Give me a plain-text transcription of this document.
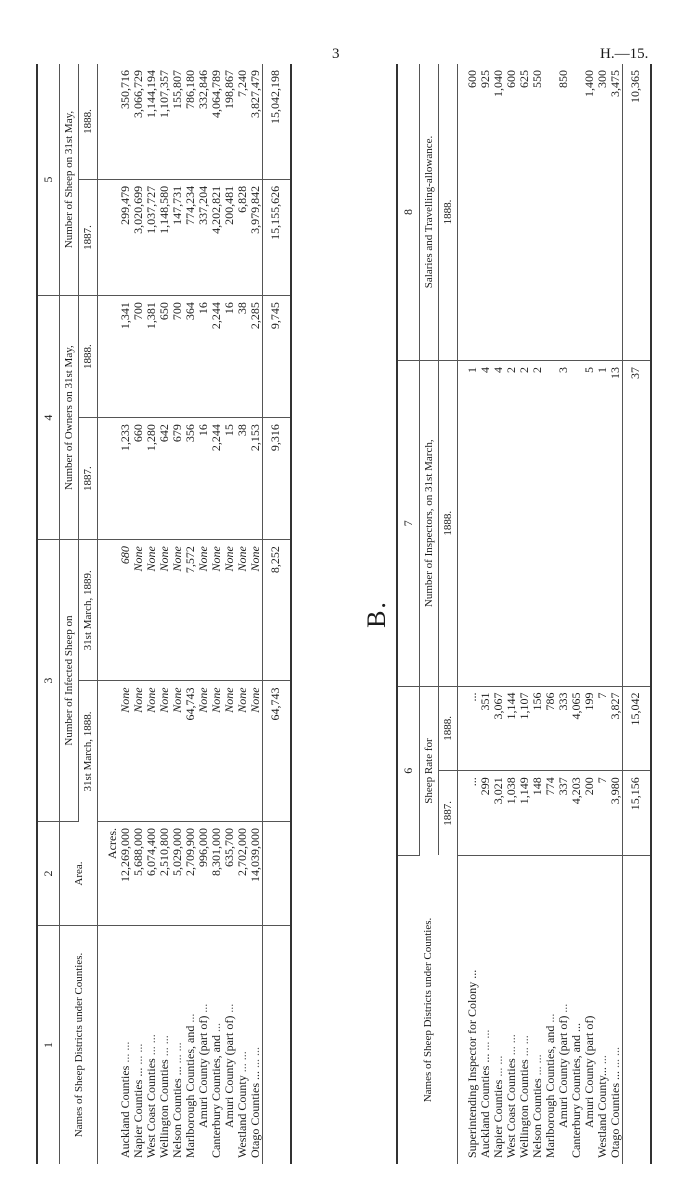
3	H.—15.
1	2	3		4		5	
Names of Sheep Districts under Counties.	Area.	Number of Infected Sheep on		Number of Owners on 31st May,		Number of Sheep on 31st May,	
		31st March, 1888.	31st March, 1889.	1887.	1888.	1887.	1888.
	Acres.						
Auckland Counties ... ...	12,269,000	None	680	1,233	1,341	299,479	350,716
Napier Counties ... ... ...	5,688,000	None	None	660	700	3,020,699	3,066,729
West Coast Counties ... ...	6,074,400	None	None	1,280	1,381	1,037,727	1,144,194
Wellington Counties ... ...	2,510,800	None	None	642	650	1,148,580	1,107,357
Nelson Counties ... ... ...	5,029,000	None	None	679	700	147,731	155,807
Marlborough Counties, and ...	2,709,900	64,743	7,572	356	364	774,234	786,180
Amuri County (part of) ...	996,000	None	None	16	16	337,204	332,846
Canterbury Counties, and ...	8,301,000	None	None	2,244	2,244	4,202,821	4,064,789
Amuri County (part of) ...	635,700	None	None	15	16	200,481	198,867
Westland County ... ...	2,702,000	None	None	38	38	6,828	7,240
Otago Counties ... ... ...	14,039,000	None	None	2,153	2,285	3,979,842	3,827,479
		64,743	8,252	9,316	9,745	15,155,626	15,042,198
B.
Names of Sheep Districts under Counties.	6		7	8
	Sheep Rate for		Number of Inspectors, on 31st March,	Salaries and Travelling-allowance.
	1887.	1888.	1888.	1888.
Superintending Inspector for Colony ...	...	...	1	600
Auckland Counties ... ... ...	299	351	4	925
Napier Counties ... ...	3,021	3,067	4	1,040
West Coast Counties ... ...	1,038	1,144	2	600
Wellington Counties ... ...	1,149	1,107	2	625
Nelson Counties ... ...	148	156	2	550
Marlborough Counties, and ...	774	786		
Amuri County (part of) ...	337	333	3	850
Canterbury Counties, and ...	4,203	4,065		
Amuri County (part of)	200	199	5	1,400
Westland County... ...	7	7	1	300
Otago Counties ... ... ...	3,980	3,827	13	3,475
	15,156	15,042	37	10,365
